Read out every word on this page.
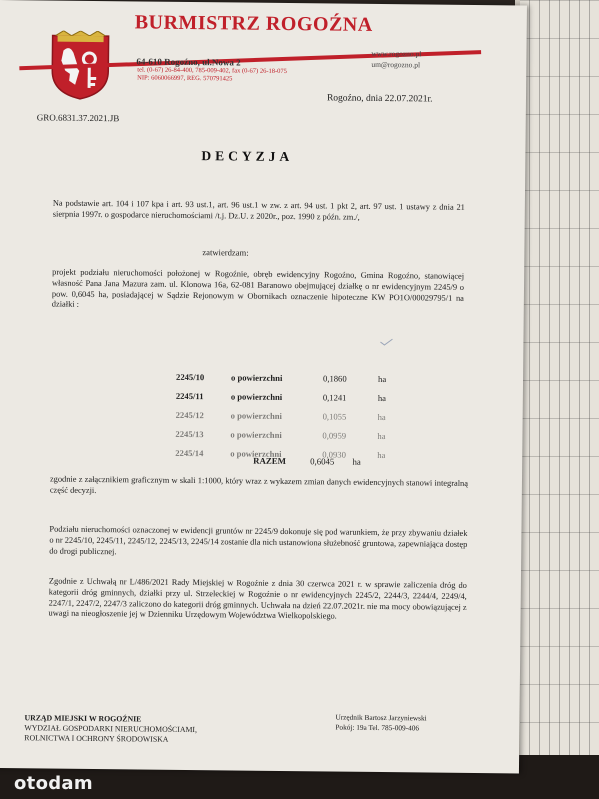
BURMISTRZ ROGOŹNA
64-610 Rogoźno, ul.Nowa 2
tel. (0-67) 26-84-400, 785-009-402, fax (0-67) 26-18-075
NIP: 6060066997, REG. 570791425
www.rogozno.pl
um@rogozno.pl
Rogoźno, dnia 22.07.2021r.
GRO.6831.37.2021.JB
DECYZJA
Na podstawie art. 104 i 107 kpa i art. 93 ust.1, art. 96 ust.1 w zw. z art. 94 ust. 1 pkt 2, art. 97 ust. 1 ustawy z dnia 21 sierpnia 1997r. o gospodarce nieruchomościami /t.j. Dz.U. z 2020r., poz. 1990 z późn. zm./,
zatwierdzam:
projekt podziału nieruchomości położonej w Rogoźnie, obręb ewidencyjny Rogoźno, Gmina Rogoźno, stanowiącej własność Pana Jana Mazura zam. ul. Klonowa 16a, 62-081 Baranowo obejmującej działkę o nr ewidencyjnym 2245/9 o pow. 0,6045 ha, posiadającej w Sądzie Rejonowym w Obornikach oznaczenie hipoteczne KW PO1O/00029795/1 na działki :
2245/10	o powierzchni	0,1860	ha
2245/11	o powierzchni	0,1241	ha
2245/12	o powierzchni	0,1055	ha
2245/13	o powierzchni	0,0959	ha
2245/14	o powierzchni	0,0930	ha
RAZEM	0,6045 ha
zgodnie z załącznikiem graficznym w skali 1:1000, który wraz z wykazem zmian danych ewidencyjnych stanowi integralną część decyzji.
Podziału nieruchomości oznaczonej w ewidencji gruntów nr 2245/9 dokonuje się pod warunkiem, że przy zbywaniu działek o nr 2245/10, 2245/11, 2245/12, 2245/13, 2245/14 zostanie dla nich ustanowiona służebność gruntowa, zapewniająca dostęp do drogi publicznej.
Zgodnie z Uchwałą nr L/486/2021 Rady Miejskiej w Rogoźnie z dnia 30 czerwca 2021 r. w sprawie zaliczenia dróg do kategorii dróg gminnych, działki przy ul. Strzeleckiej w Rogoźnie o nr ewidencyjnych 2245/2, 2244/3, 2244/4, 2249/4, 2247/1, 2247/2, 2247/3 zaliczono do kategorii dróg gminnych. Uchwała na dzień 22.07.2021r. nie ma mocy obowiązującej z uwagi na nieogłoszenie jej w Dzienniku Urzędowym Województwa Wielkopolskiego.
URZĄD MIEJSKI W ROGOŹNIE
WYDZIAŁ GOSPODARKI NIERUCHOMOŚCIAMI,
ROLNICTWA I OCHRONY ŚRODOWISKA
Urzędnik Bartosz Jarzyniewski
Pokój: 19a Tel. 785-009-406
otodam
